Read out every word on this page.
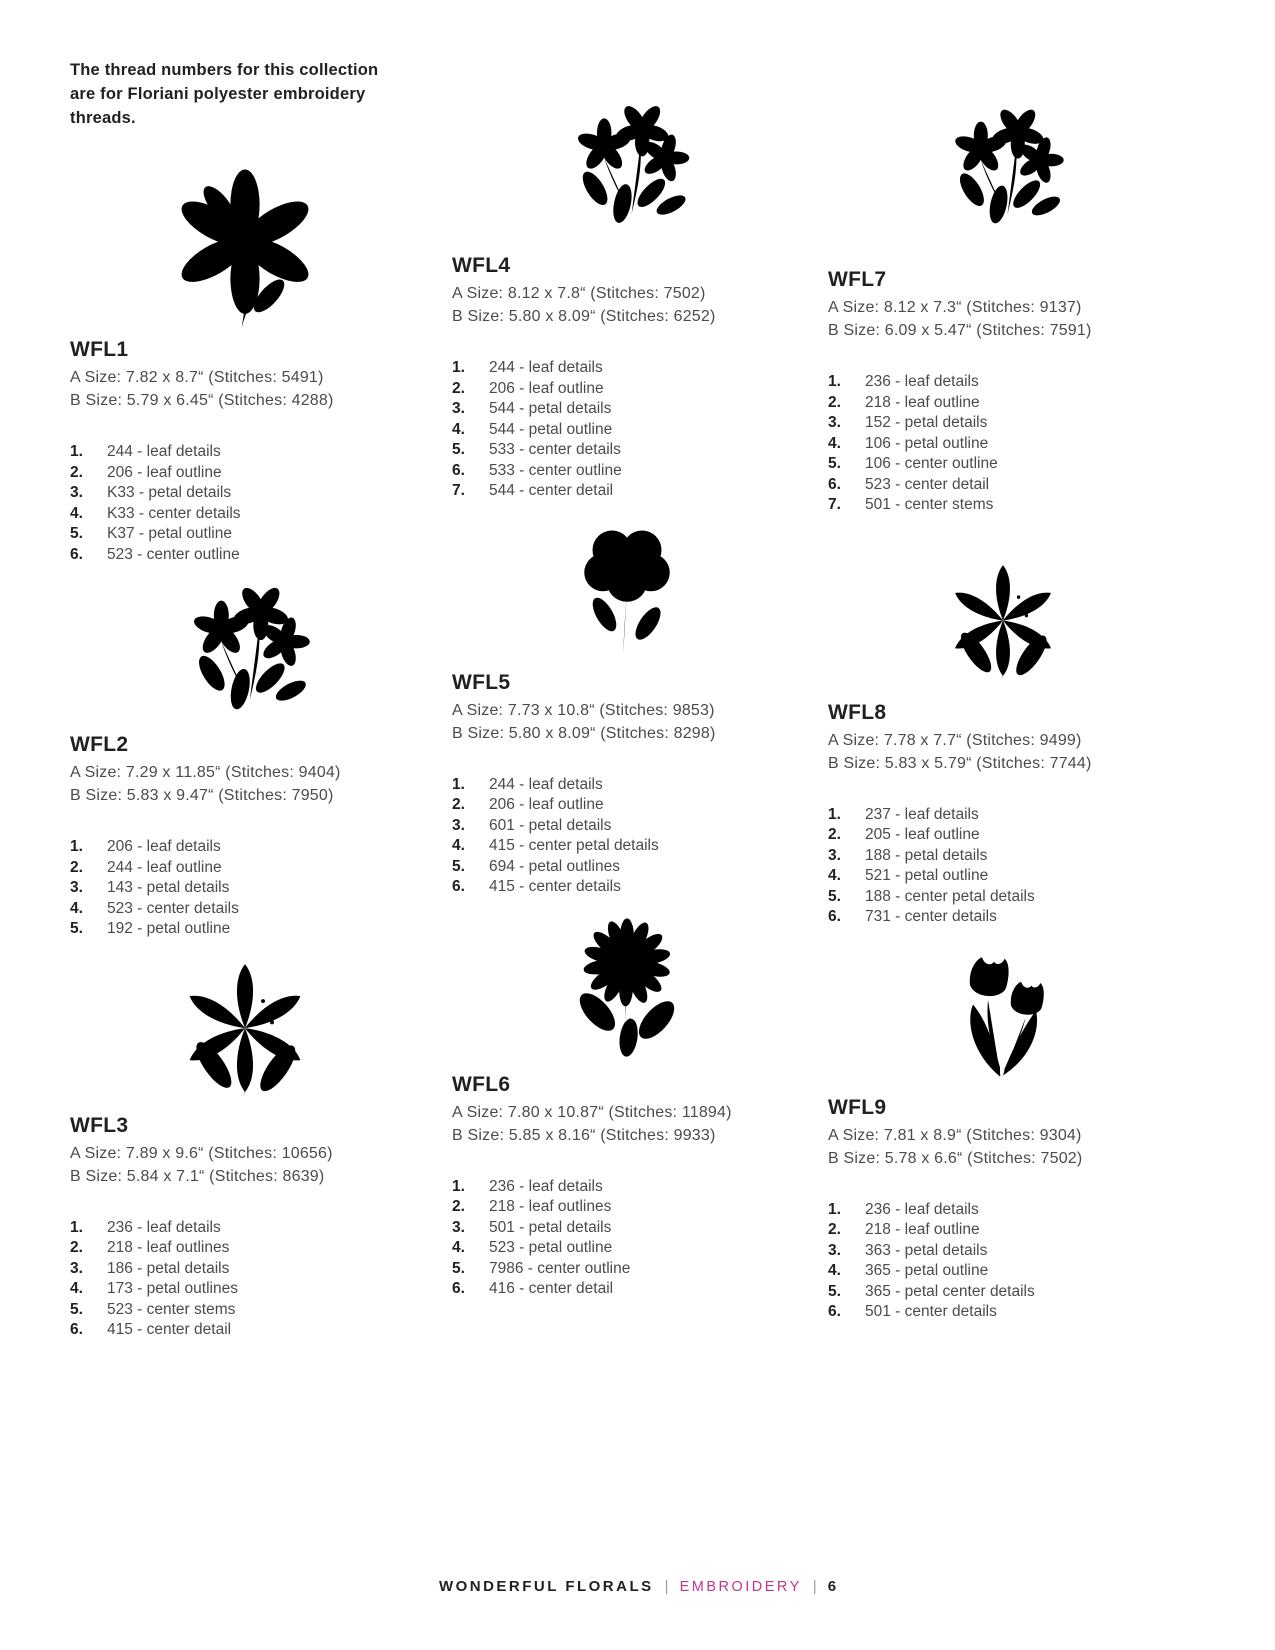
The thread numbers for this collection are for Floriani polyester embroidery threads.

WFL1

A Size: 7.82 x 8.7“ (Stitches: 5491)

B Size: 5.79 x 6.45“ (Stitches: 4288)

1.	244 - leaf details
2.	206 - leaf outline
3.	K33 - petal details
4.	K33 - center details
5.	K37 - petal outline
6.	523 - center outline
WFL2

A Size: 7.29 x 11.85“ (Stitches: 9404)

B Size: 5.83 x 9.47“ (Stitches: 7950)

1.	206 - leaf details
2.	244 - leaf outline
3.	143 - petal details
4.	523 - center details
5.	192 - petal outline
WFL3

A Size: 7.89 x 9.6“ (Stitches: 10656)

B Size: 5.84 x 7.1“ (Stitches: 8639)

1.	236 - leaf details
2.	218 - leaf outlines
3.	186 - petal details
4.	173 - petal outlines
5.	523 - center stems
6.	415 - center detail
WFL4

A Size: 8.12 x 7.8“ (Stitches: 7502)

B Size: 5.80 x 8.09“ (Stitches: 6252)

1.	244 - leaf details
2.	206 - leaf outline
3.	544 - petal details
4.	544 - petal outline
5.	533 - center details
6.	533 - center outline
7.	544 - center detail
WFL5

A Size: 7.73 x 10.8“ (Stitches: 9853)

B Size: 5.80 x 8.09“ (Stitches: 8298)

1.	244 - leaf details
2.	206 - leaf outline
3.	601 - petal details
4.	415 - center petal details
5.	694 - petal outlines
6.	415 - center details
WFL6

A Size: 7.80 x 10.87“ (Stitches: 11894)

B Size: 5.85 x 8.16“ (Stitches: 9933)

1.	236 - leaf details
2.	218 - leaf outlines
3.	501 - petal details
4.	523 - petal outline
5.	7986 - center outline
6.	416 - center detail
WFL7

A Size: 8.12 x 7.3“ (Stitches: 9137)

B Size: 6.09 x 5.47“ (Stitches: 7591)

1.	236 - leaf details
2.	218 - leaf outline
3.	152 - petal details
4.	106 - petal outline
5.	106 - center outline
6.	523 - center detail
7.	501 - center stems
WFL8

A Size: 7.78 x 7.7“ (Stitches: 9499)

B Size: 5.83 x 5.79“ (Stitches: 7744)

1.	237 - leaf details
2.	205 - leaf outline
3.	188 - petal details
4.	521 - petal outline
5.	188 - center petal details
6.	731 - center details
WFL9

A Size: 7.81 x 8.9“ (Stitches: 9304)

B Size: 5.78 x 6.6“ (Stitches: 7502)

1.	236 - leaf details
2.	218 - leaf outline
3.	363 - petal details
4.	365 - petal outline
5.	365 - petal center details
6.	501 - center details
WONDERFUL FLORALS | EMBROIDERY | 6
